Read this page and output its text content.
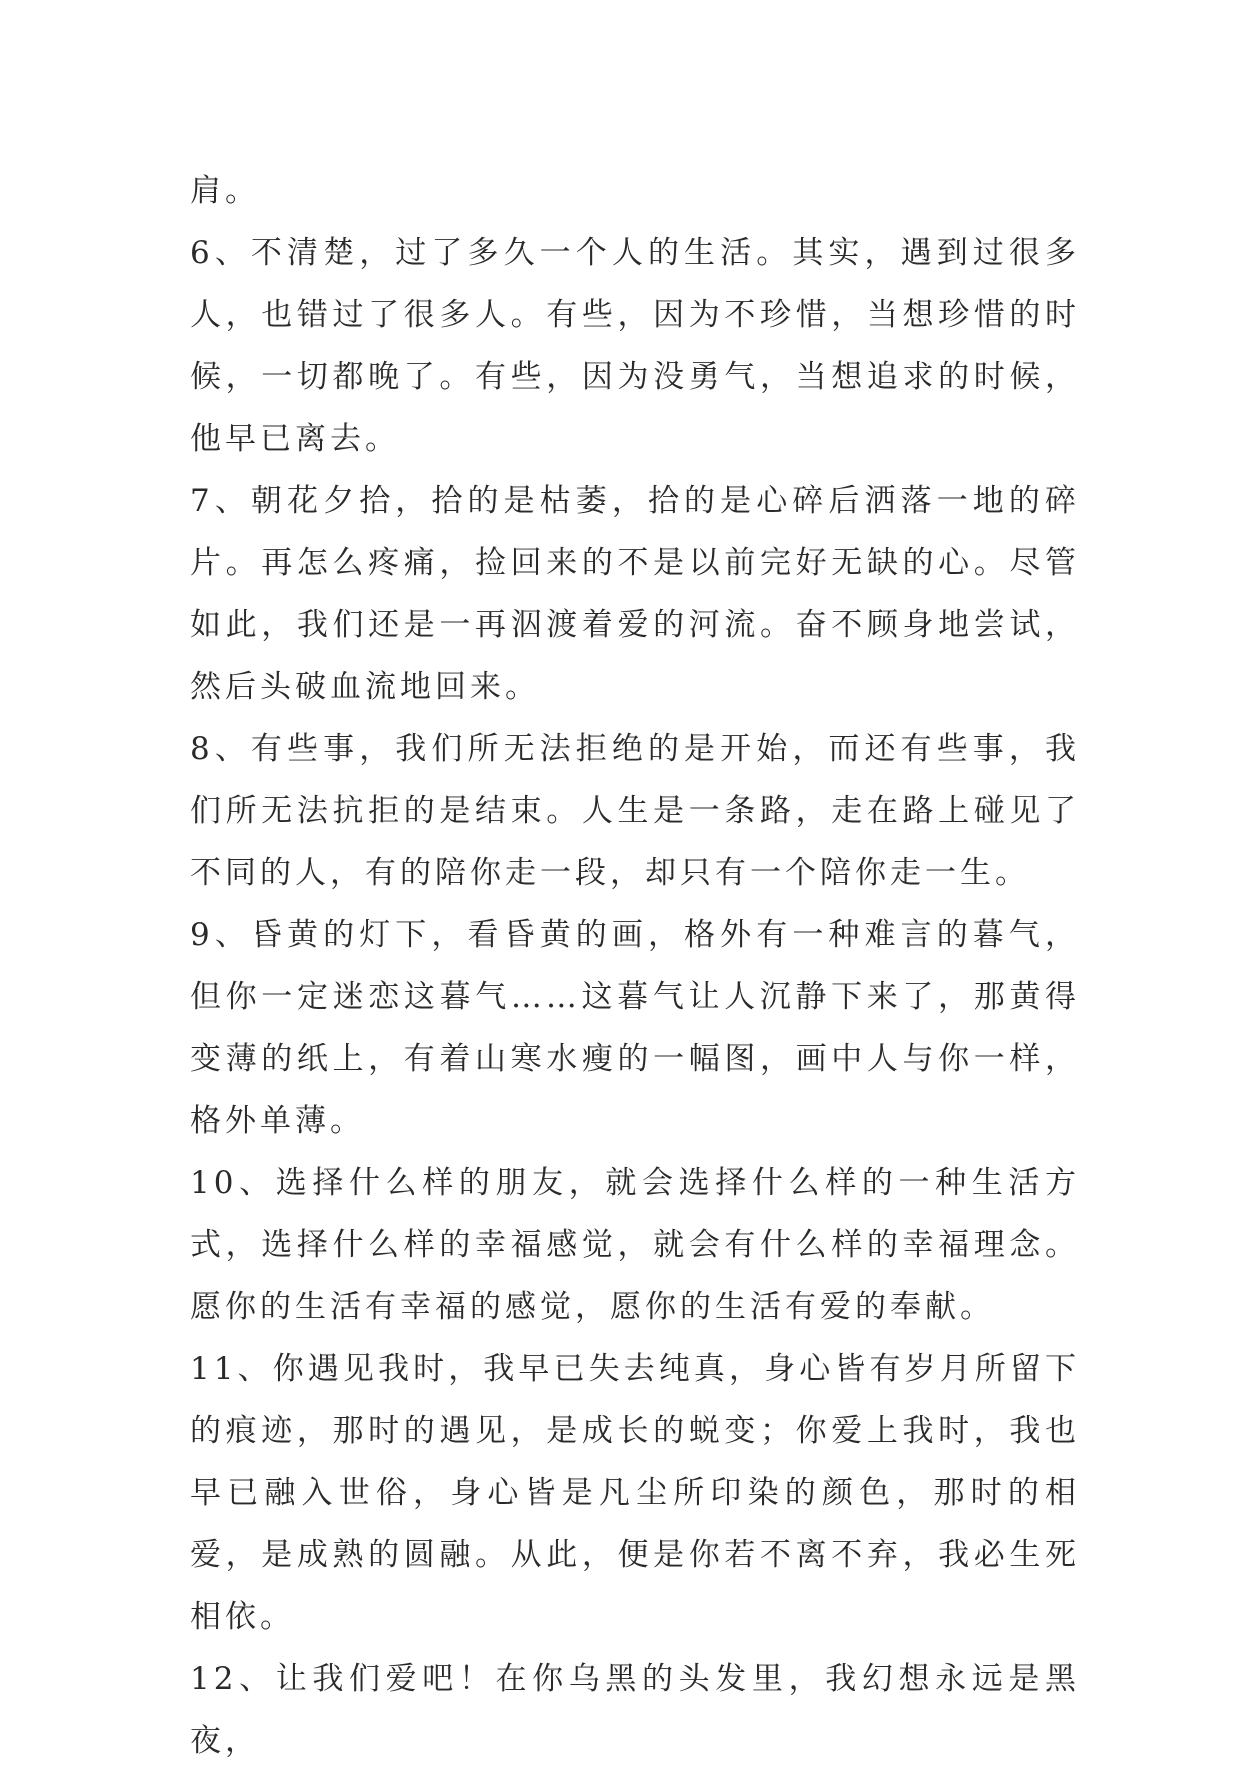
肩。

6、不清楚，过了多久一个人的生活。其实，遇到过很多人，也错过了很多人。有些，因为不珍惜，当想珍惜的时候，一切都晚了。有些，因为没勇气，当想追求的时候，他早已离去。

7、朝花夕拾，拾的是枯萎，拾的是心碎后洒落一地的碎片。再怎么疼痛，捡回来的不是以前完好无缺的心。尽管如此，我们还是一再泅渡着爱的河流。奋不顾身地尝试，然后头破血流地回来。

8、有些事，我们所无法拒绝的是开始，而还有些事，我们所无法抗拒的是结束。人生是一条路，走在路上碰见了不同的人，有的陪你走一段，却只有一个陪你走一生。

9、昏黄的灯下，看昏黄的画，格外有一种难言的暮气，但你一定迷恋这暮气……这暮气让人沉静下来了，那黄得变薄的纸上，有着山寒水瘦的一幅图，画中人与你一样，格外单薄。

10、选择什么样的朋友，就会选择什么样的一种生活方式，选择什么样的幸福感觉，就会有什么样的幸福理念。愿你的生活有幸福的感觉，愿你的生活有爱的奉献。

11、你遇见我时，我早已失去纯真，身心皆有岁月所留下的痕迹，那时的遇见，是成长的蜕变；你爱上我时，我也早已融入世俗，身心皆是凡尘所印染的颜色，那时的相爱，是成熟的圆融。从此，便是你若不离不弃，我必生死相依。

12、让我们爱吧！在你乌黑的头发里，我幻想永远是黑夜，
